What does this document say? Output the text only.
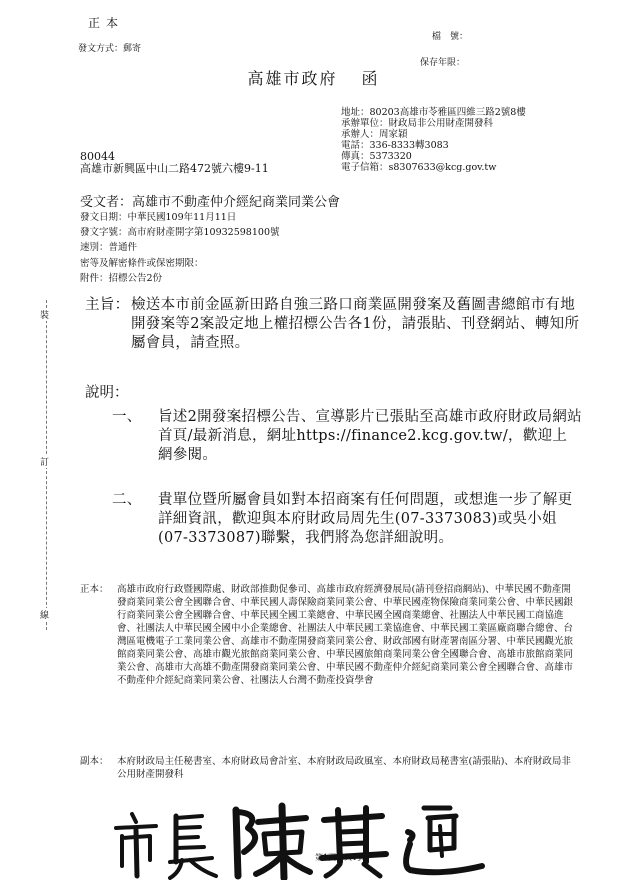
正本
發文方式：郵寄
檔　號：
保存年限：
高雄市政府 函
地址：80203高雄市苓雅區四維三路2號8樓
承辦單位：財政局非公用財產開發科
承辦人：周家穎
電話：336-8333轉3083
傳真：5373320
電子信箱：s8307633@kcg.gov.tw
80044
高雄市新興區中山二路472號六樓9-11
受文者：高雄市不動產仲介經紀商業同業公會
發文日期：中華民國109年11月11日
發文字號：高市府財產開字第10932598100號
速別：普通件
密等及解密條件或保密期限：
附件：招標公告2份
裝
訂
線
主旨： 檢送本市前金區新田路自強三路口商業區開發案及舊圖書總館市有地開發案等2案設定地上權招標公告各1份，請張貼、刊登網站、轉知所屬會員，請查照。
說明：
一、 旨述2開發案招標公告、宣導影片已張貼至高雄市政府財政局網站首頁/最新消息，網址https://finance2.kcg.gov.tw/，歡迎上網參閱。
二、 貴單位暨所屬會員如對本招商案有任何問題，或想進一步了解更詳細資訊，歡迎與本府財政局周先生(07-3373083)或吳小姐(07-3373087)聯繫，我們將為您詳細說明。
正本： 高雄市政府行政暨國際處、財政部推動促參司、高雄市政府經濟發展局(請刊登招商網站)、中華民國不動產開發商業同業公會全國聯合會、中華民國人壽保險商業同業公會、中華民國產物保險商業同業公會、中華民國銀行商業同業公會全國聯合會、中華民國全國工業總會、中華民國全國商業總會、社團法人中華民國工商協進會、社團法人中華民國全國中小企業總會、社團法人中華民國工業協進會、中華民國工業區廠商聯合總會、台灣區電機電子工業同業公會、高雄市不動產開發商業同業公會、財政部國有財產署南區分署、中華民國觀光旅館商業同業公會、高雄市觀光旅館商業同業公會、中華民國旅館商業同業公會全國聯合會、高雄市旅館商業同業公會、高雄市大高雄不動產開發商業同業公會、中華民國不動產仲介經紀商業同業公會全國聯合會、高雄市不動產仲介經紀商業同業公會、社團法人台灣不動產投資學會
副本： 本府財政局主任秘書室、本府財政局會計室、本府財政局政風室、本府財政局秘書室(請張貼)、本府財政局非公用財產開發科
第1頁　共1頁
